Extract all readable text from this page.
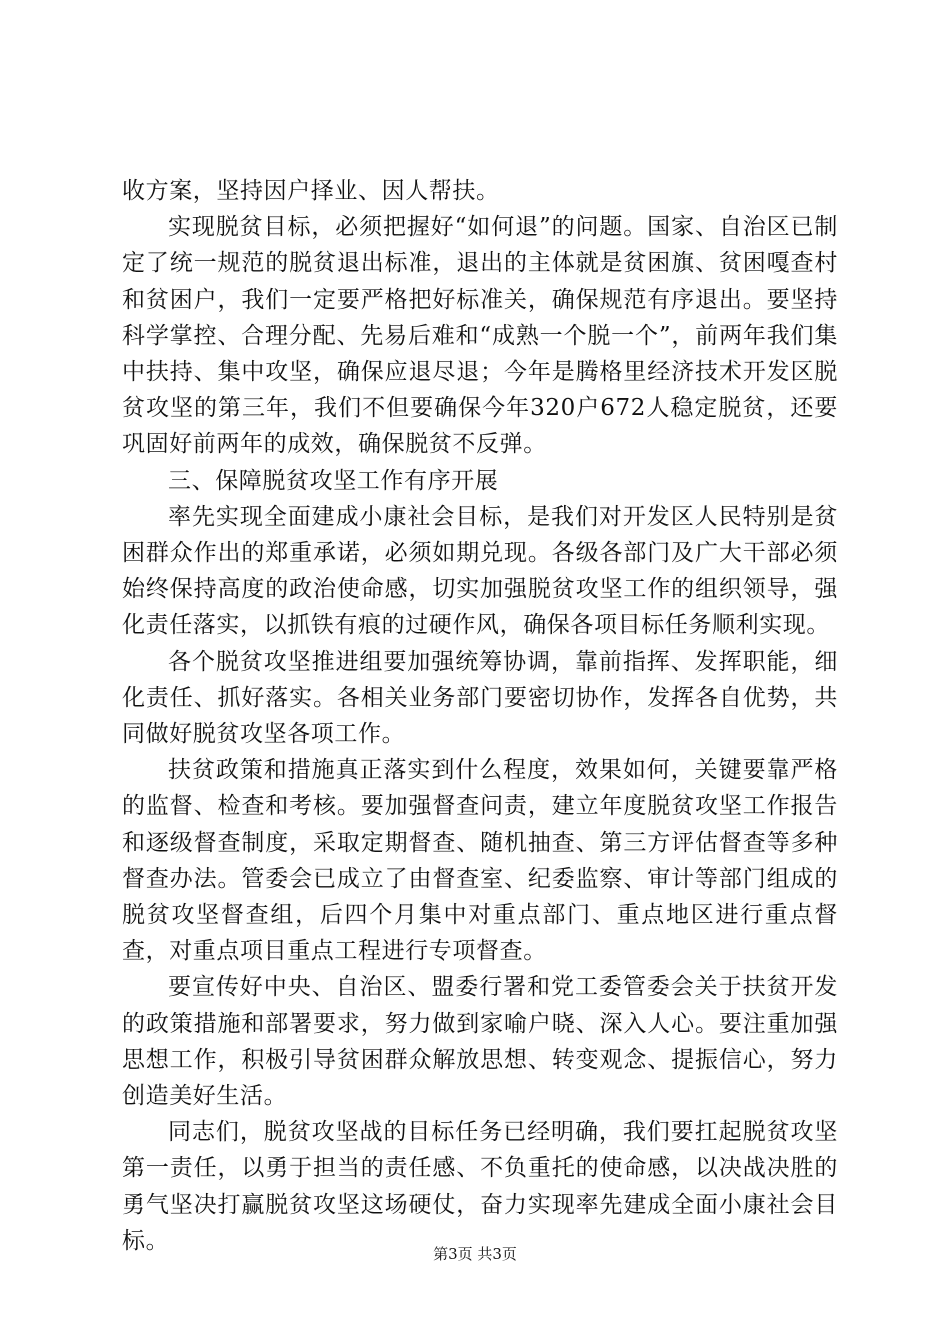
收方案，坚持因户择业、因人帮扶。

实现脱贫目标，必须把握好“如何退”的问题。国家、自治区已制定了统一规范的脱贫退出标准，退出的主体就是贫困旗、贫困嘎查村和贫困户，我们一定要严格把好标准关，确保规范有序退出。要坚持科学掌控、合理分配、先易后难和“成熟一个脱一个”，前两年我们集中扶持、集中攻坚，确保应退尽退；今年是腾格里经济技术开发区脱贫攻坚的第三年，我们不但要确保今年320户672人稳定脱贫，还要巩固好前两年的成效，确保脱贫不反弹。

三、保障脱贫攻坚工作有序开展

率先实现全面建成小康社会目标，是我们对开发区人民特别是贫困群众作出的郑重承诺，必须如期兑现。各级各部门及广大干部必须始终保持高度的政治使命感，切实加强脱贫攻坚工作的组织领导，强化责任落实，以抓铁有痕的过硬作风，确保各项目标任务顺利实现。

各个脱贫攻坚推进组要加强统筹协调，靠前指挥、发挥职能，细化责任、抓好落实。各相关业务部门要密切协作，发挥各自优势，共同做好脱贫攻坚各项工作。

扶贫政策和措施真正落实到什么程度，效果如何，关键要靠严格的监督、检查和考核。要加强督查问责，建立年度脱贫攻坚工作报告和逐级督查制度，采取定期督查、随机抽查、第三方评估督查等多种督查办法。管委会已成立了由督查室、纪委监察、审计等部门组成的脱贫攻坚督查组，后四个月集中对重点部门、重点地区进行重点督查，对重点项目重点工程进行专项督查。

要宣传好中央、自治区、盟委行署和党工委管委会关于扶贫开发的政策措施和部署要求，努力做到家喻户晓、深入人心。要注重加强思想工作，积极引导贫困群众解放思想、转变观念、提振信心，努力创造美好生活。

同志们，脱贫攻坚战的目标任务已经明确，我们要扛起脱贫攻坚第一责任，以勇于担当的责任感、不负重托的使命感，以决战决胜的勇气坚决打赢脱贫攻坚这场硬仗，奋力实现率先建成全面小康社会目标。

第3页 共3页
